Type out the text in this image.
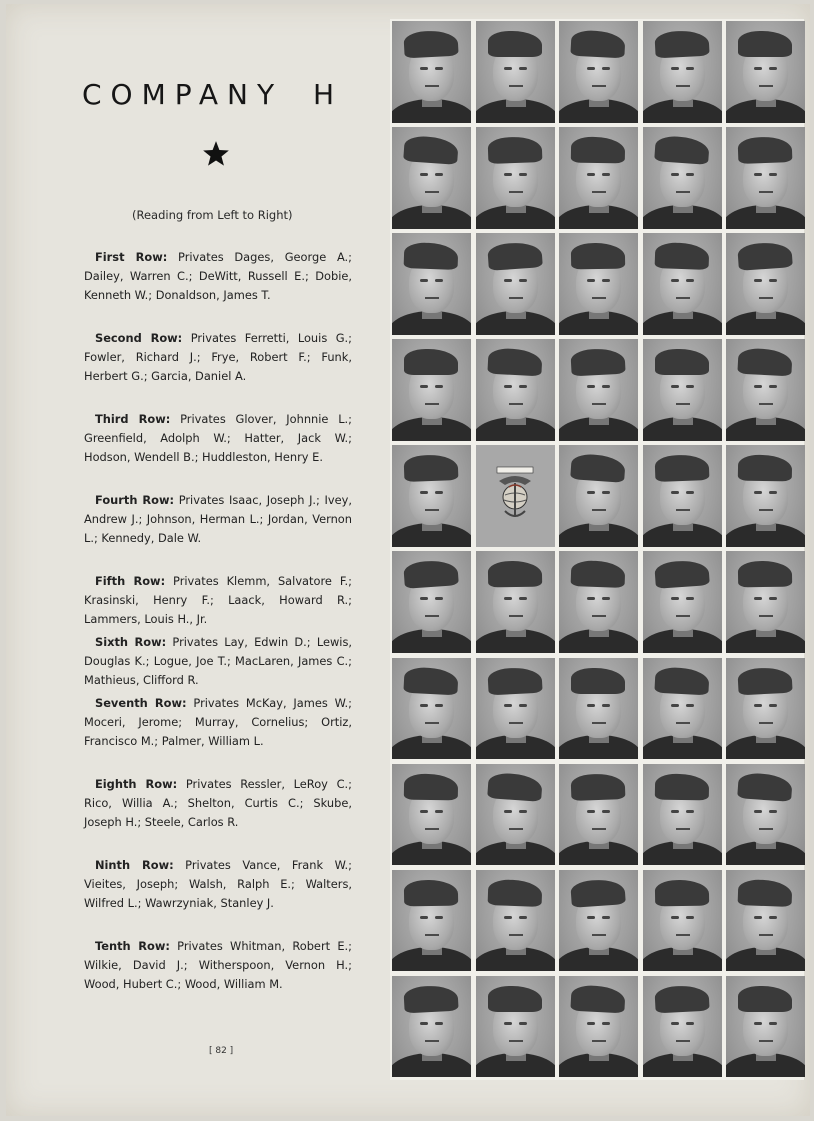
COMPANY H
(Reading from Left to Right)
First Row: Privates Dages, George A.; Dailey, Warren C.; DeWitt, Russell E.; Dobie, Kenneth W.; Donaldson, James T.
Second Row: Privates Ferretti, Louis G.; Fowler, Richard J.; Frye, Robert F.; Funk, Herbert G.; Garcia, Daniel A.
Third Row: Privates Glover, Johnnie L.; Greenfield, Adolph W.; Hatter, Jack W.; Hodson, Wendell B.; Huddleston, Henry E.
Fourth Row: Privates Isaac, Joseph J.; Ivey, Andrew J.; Johnson, Herman L.; Jordan, Vernon L.; Kennedy, Dale W.
Fifth Row: Privates Klemm, Salvatore F.; Krasinski, Henry F.; Laack, Howard R.; Lammers, Louis H., Jr.
Sixth Row: Privates Lay, Edwin D.; Lewis, Douglas K.; Logue, Joe T.; MacLaren, James C.; Mathieus, Clifford R.
Seventh Row: Privates McKay, James W.; Moceri, Jerome; Murray, Cornelius; Ortiz, Francisco M.; Palmer, William L.
Eighth Row: Privates Ressler, LeRoy C.; Rico, Willia A.; Shelton, Curtis C.; Skube, Joseph H.; Steele, Carlos R.
Ninth Row: Privates Vance, Frank W.; Vieites, Joseph; Walsh, Ralph E.; Walters, Wilfred L.; Wawrzyniak, Stanley J.
Tenth Row: Privates Whitman, Robert E.; Wilkie, David J.; Witherspoon, Vernon H.; Wood, Hubert C.; Wood, William M.
[ 82 ]
